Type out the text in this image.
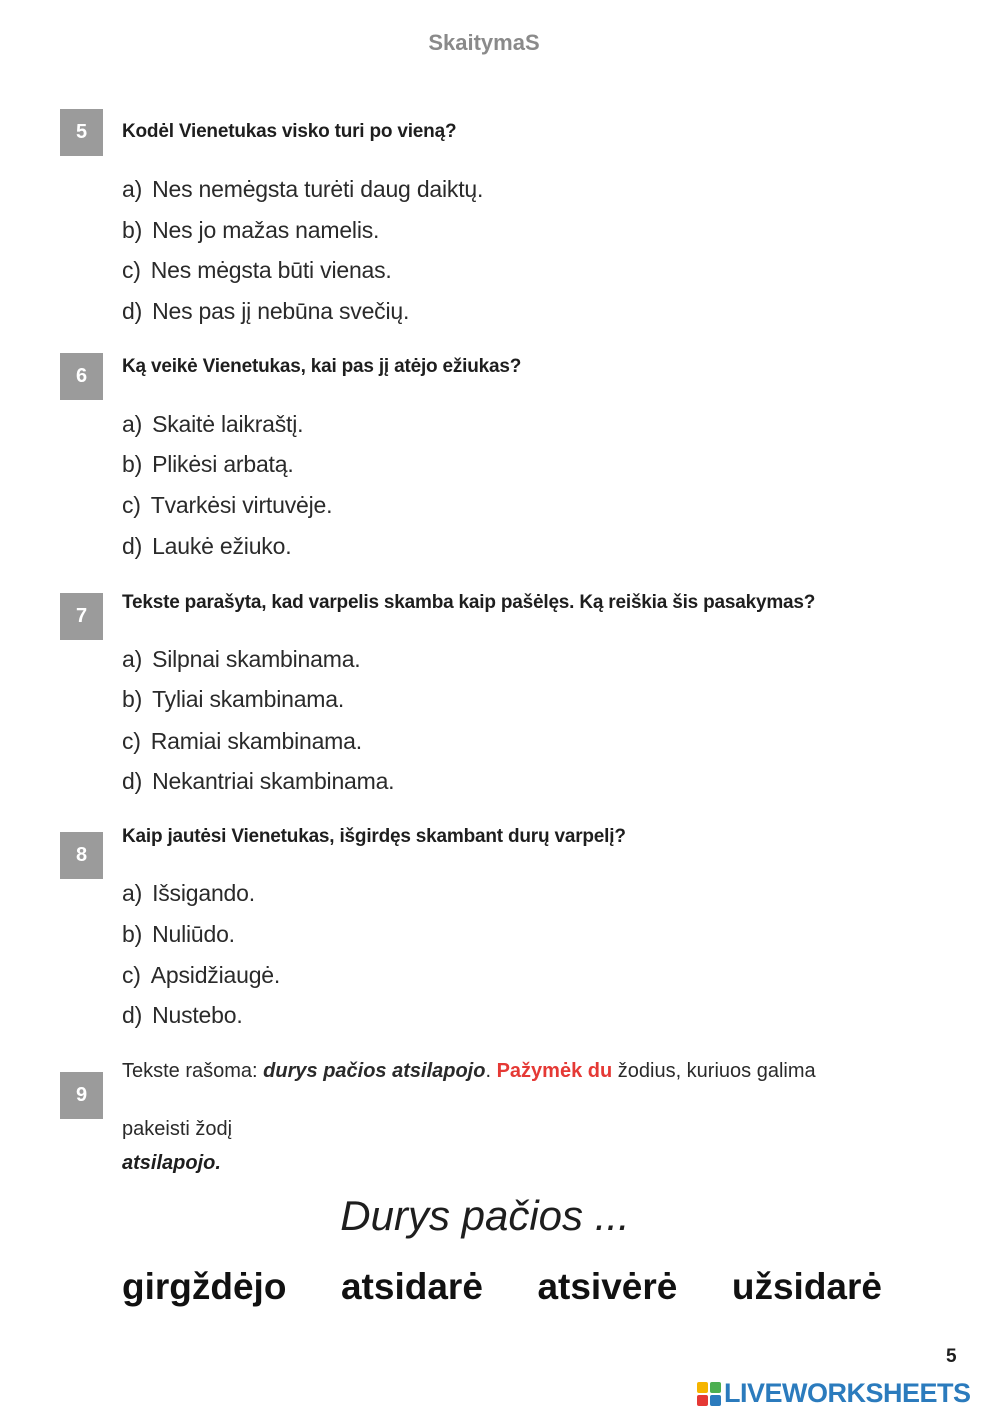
SkaitymaS
5	Kodėl Vienetukas visko turi po vieną?
a) Nes nemėgsta turėti daug daiktų.
b) Nes jo mažas namelis.
c) Nes mėgsta būti vienas.
d) Nes pas jį nebūna svečių.
6	Ką veikė Vienetukas, kai pas jį atėjo ežiukas?
a) Skaitė laikraštį.
b) Plikėsi arbatą.
c) Tvarkėsi virtuvėje.
d) Laukė ežiuko.
7
Tekste parašyta, kad varpelis skamba kaip pašėlęs. Ką reiškia šis pasakymas?
a) Silpnai skambinama.
b) Tyliai skambinama.
c) Ramiai skambinama.
d) Nekantriai skambinama.
8
Kaip jautėsi Vienetukas, išgirdęs skambant durų varpelį?
a) Išsigando.
b) Nuliūdo.
c) Apsidžiaugė.
d) Nustebo.
9
Tekste rašoma: durys pačios atsilapojo. Pažymėk du žodius, kuriuos galima
pakeisti žodį
atsilapojo.
Durys pačios ...
girgždėjo atsidarė atsivėrė užsidarė
5
LIVEWORKSHEETS
